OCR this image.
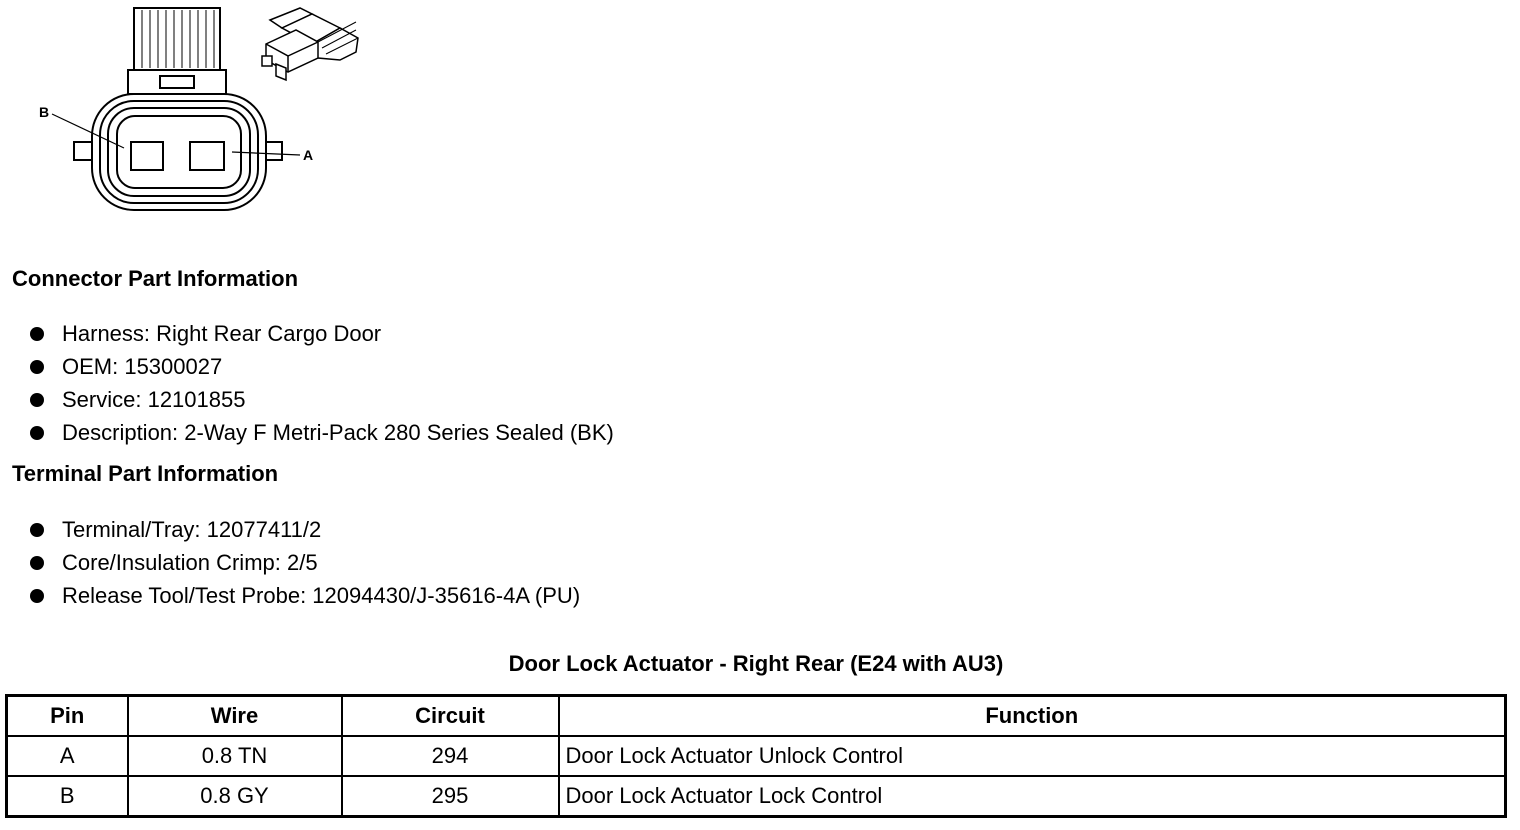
B
A
Connector Part Information
Harness: Right Rear Cargo Door
OEM: 15300027
Service: 12101855
Description: 2-Way F Metri-Pack 280 Series Sealed (BK)
Terminal Part Information
Terminal/Tray: 12077411/2
Core/Insulation Crimp: 2/5
Release Tool/Test Probe: 12094430/J-35616-4A (PU)
Door Lock Actuator - Right Rear (E24 with AU3)
Pin	Wire	Circuit	Function
A	0.8 TN	294	Door Lock Actuator Unlock Control
B	0.8 GY	295	Door Lock Actuator Lock Control
